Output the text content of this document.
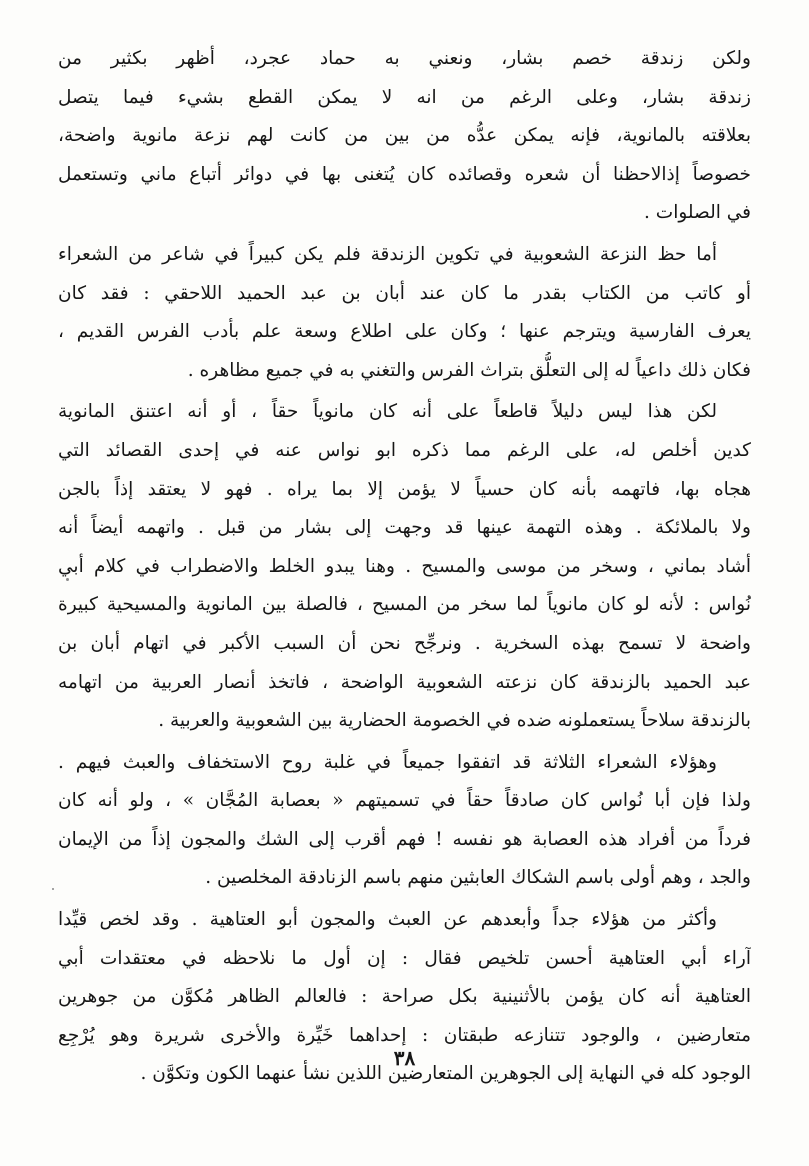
ولكن زندقة خصم بشار، ونعني به حماد عجرد، أظهر بكثير من
زندقة بشار، وعلى الرغم من انه لا يمكن القطع بشيء فيما يتصل
بعلاقته بالمانوية، فإنه يمكن عدُّه من بين من كانت لهم نزعة مانوية واضحة،
خصوصاً إذالاحظنا أن شعره وقصائده كان يُتغنى بها في دوائر أتباع ماني وتستعمل
في الصلوات .
أما حظ النزعة الشعوبية في تكوين الزندقة فلم يكن كبيراً في شاعر من الشعراء
أو كاتب من الكتاب بقدر ما كان عند أبان بن عبد الحميد اللاحقي : فقد كان
يعرف الفارسية ويترجم عنها ؛ وكان على اطلاع وسعة علم بأدب الفرس القديم ،
فكان ذلك داعياً له إلى التعلُّق بتراث الفرس والتغني به في جميع مظاهره .
لكن هذا ليس دليلاً قاطعاً على أنه كان مانوياً حقاً ، أو أنه اعتنق المانوية
كدين أخلص له، على الرغم مما ذكره ابو نواس عنه في إحدى القصائد التي
هجاه بها، فاتهمه بأنه كان حسياً لا يؤمن إلا بما يراه . فهو لا يعتقد إذاً بالجن
ولا بالملائكة . وهذه التهمة عينها قد وجهت إلى بشار من قبل . واتهمه أيضاً أنه
أشاد بماني ، وسخر من موسى والمسيح . وهنا يبدو الخلط والاضطراب في كلام أبي
نُواس : لأنه لو كان مانوياً لما سخر من المسيح ، فالصلة بين المانوية والمسيحية كبيرة
واضحة لا تسمح بهذه السخرية . ونرجِّح نحن أن السبب الأكبر في اتهام أبان بن
عبد الحميد بالزندقة كان نزعته الشعوبية الواضحة ، فاتخذ أنصار العربية من اتهامه
بالزندقة سلاحاً يستعملونه ضده في الخصومة الحضارية بين الشعوبية والعربية .
وهؤلاء الشعراء الثلاثة قد اتفقوا جميعاً في غلبة روح الاستخفاف والعبث فيهم .
ولذا فإن أبا نُواس كان صادقاً حقاً في تسميتهم « بعصابة المُجَّان » ، ولو أنه كان
فرداً من أفراد هذه العصابة هو نفسه ! فهم أقرب إلى الشك والمجون إذاً من الإيمان
والجد ، وهم أولى باسم الشكاك العابثين منهم باسم الزنادقة المخلصين .
وأكثر من هؤلاء جداً وأبعدهم عن العبث والمجون أبو العتاهية . وقد لخص قيِّدا
آراء أبي العتاهية أحسن تلخيص فقال : إن أول ما نلاحظه في معتقدات أبي
العتاهية أنه كان يؤمن بالأثنينية بكل صراحة : فالعالم الظاهر مُكوَّن من جوهرين
متعارضين ، والوجود تتنازعه طبقتان : إحداهما خَيِّرة والأخرى شريرة وهو يُرْجِع
الوجود كله في النهاية إلى الجوهرين المتعارضين اللذين نشأ عنهما الكون وتكوَّن .
٣٨
